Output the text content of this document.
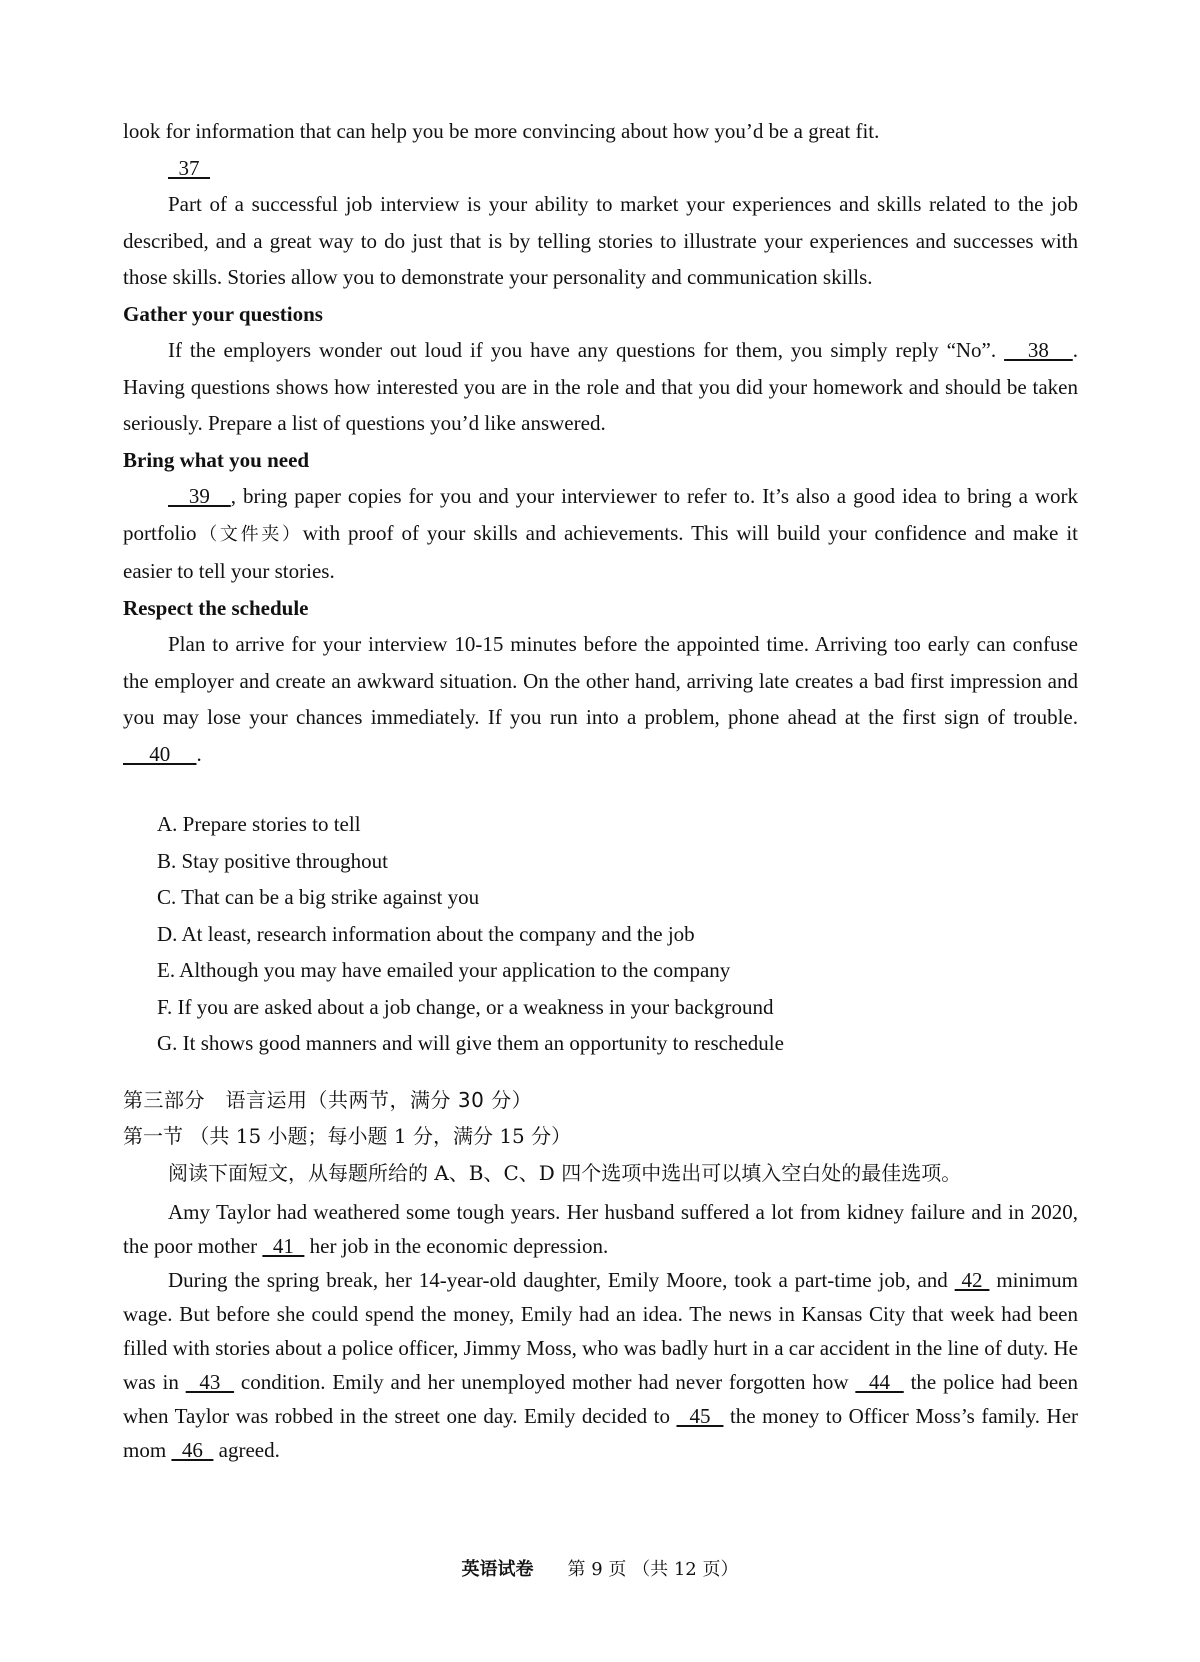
look for information that can help you be more convincing about how you’d be a great fit.

37

Part of a successful job interview is your ability to market your experiences and skills related to the job described, and a great way to do just that is by telling stories to illustrate your experiences and successes with those skills. Stories allow you to demonstrate your personality and communication skills.

Gather your questions

If the employers wonder out loud if you have any questions for them, you simply reply “No”.    38   . Having questions shows how interested you are in the role and that you did your homework and should be taken seriously. Prepare a list of questions you’d like answered.

Bring what you need

39   , bring paper copies for you and your interviewer to refer to. It’s also a good idea to bring a work portfolio（文件夹）with proof of your skills and achievements. This will build your confidence and make it easier to tell your stories.

Respect the schedule

Plan to arrive for your interview 10-15 minutes before the appointed time. Arriving too early can confuse the employer and create an awkward situation. On the other hand, arriving late creates a bad first impression and you may lose your chances immediately. If you run into a problem, phone ahead at the first sign of trouble.      40     .

A. Prepare stories to tell

B. Stay positive throughout

C. That can be a big strike against you

D. At least, research information about the company and the job

E. Although you may have emailed your application to the company

F. If you are asked about a job change, or a weakness in your background

G. It shows good manners and will give them an opportunity to reschedule

第三部分　语言运用（共两节，满分 30 分）

第一节 （共 15 小题；每小题 1 分，满分 15 分）

阅读下面短文，从每题所给的 A、B、C、D 四个选项中选出可以填入空白处的最佳选项。

Amy Taylor had weathered some tough years. Her husband suffered a lot from kidney failure and in 2020, the poor mother   41   her job in the economic depression.

During the spring break, her 14-year-old daughter, Emily Moore, took a part-time job, and  42  minimum wage. But before she could spend the money, Emily had an idea. The news in Kansas City that week had been filled with stories about a police officer, Jimmy Moss, who was badly hurt in a car accident in the line of duty. He was in   43   condition. Emily and her unemployed mother had never forgotten how   44   the police had been when Taylor was robbed in the street one day. Emily decided to   45   the money to Officer Moss’s family. Her mom   46   agreed.

英语试卷 第 9 页 （共 12 页）
